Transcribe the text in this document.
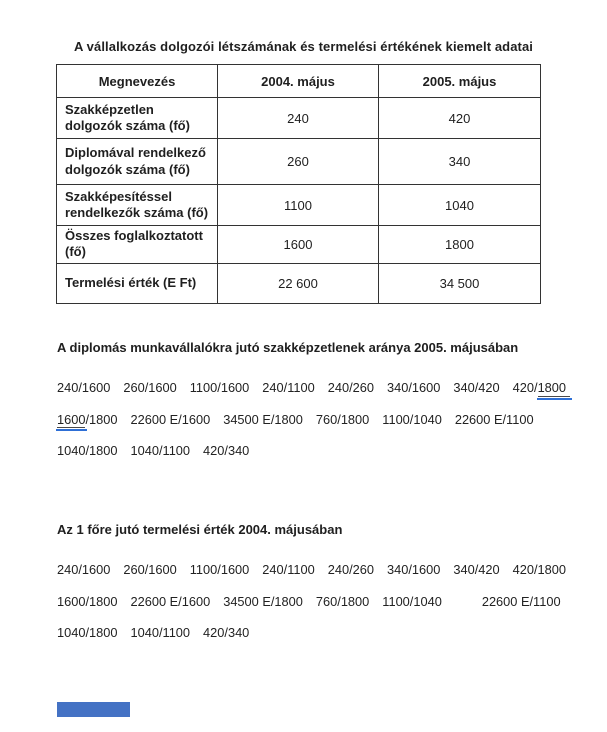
A vállalkozás dolgozói létszámának és termelési értékének kiemelt adatai
Megnevezés	2004. május	2005. május
Szakképzetlen dolgozók száma (fő)	240	420
Diplomával rendelkező dolgozók száma (fő)	260	340
Szakképesítéssel rendelkezők száma (fő)	1100	1040
Összes foglalkoztatott (fő)	1600	1800
Termelési érték (E Ft)	22 600	34 500
A diplomás munkavállalókra jutó szakképzetlenek aránya 2005. májusában
240/1600 260/1600 1100/1600 240/1100 240/260 340/1600 340/420 420/1800
1600/1800 22600 E/1600 34500 E/1800 760/1800 1100/1040 22600 E/1100
1040/1800 1040/1100 420/340
Az 1 főre jutó termelési érték 2004. májusában
240/1600 260/1600 1100/1600 240/1100 240/260 340/1600 340/420 420/1800
1600/1800 22600 E/1600 34500 E/1800 760/1800 1100/1040	22600 E/1100
1040/1800 1040/1100 420/340
